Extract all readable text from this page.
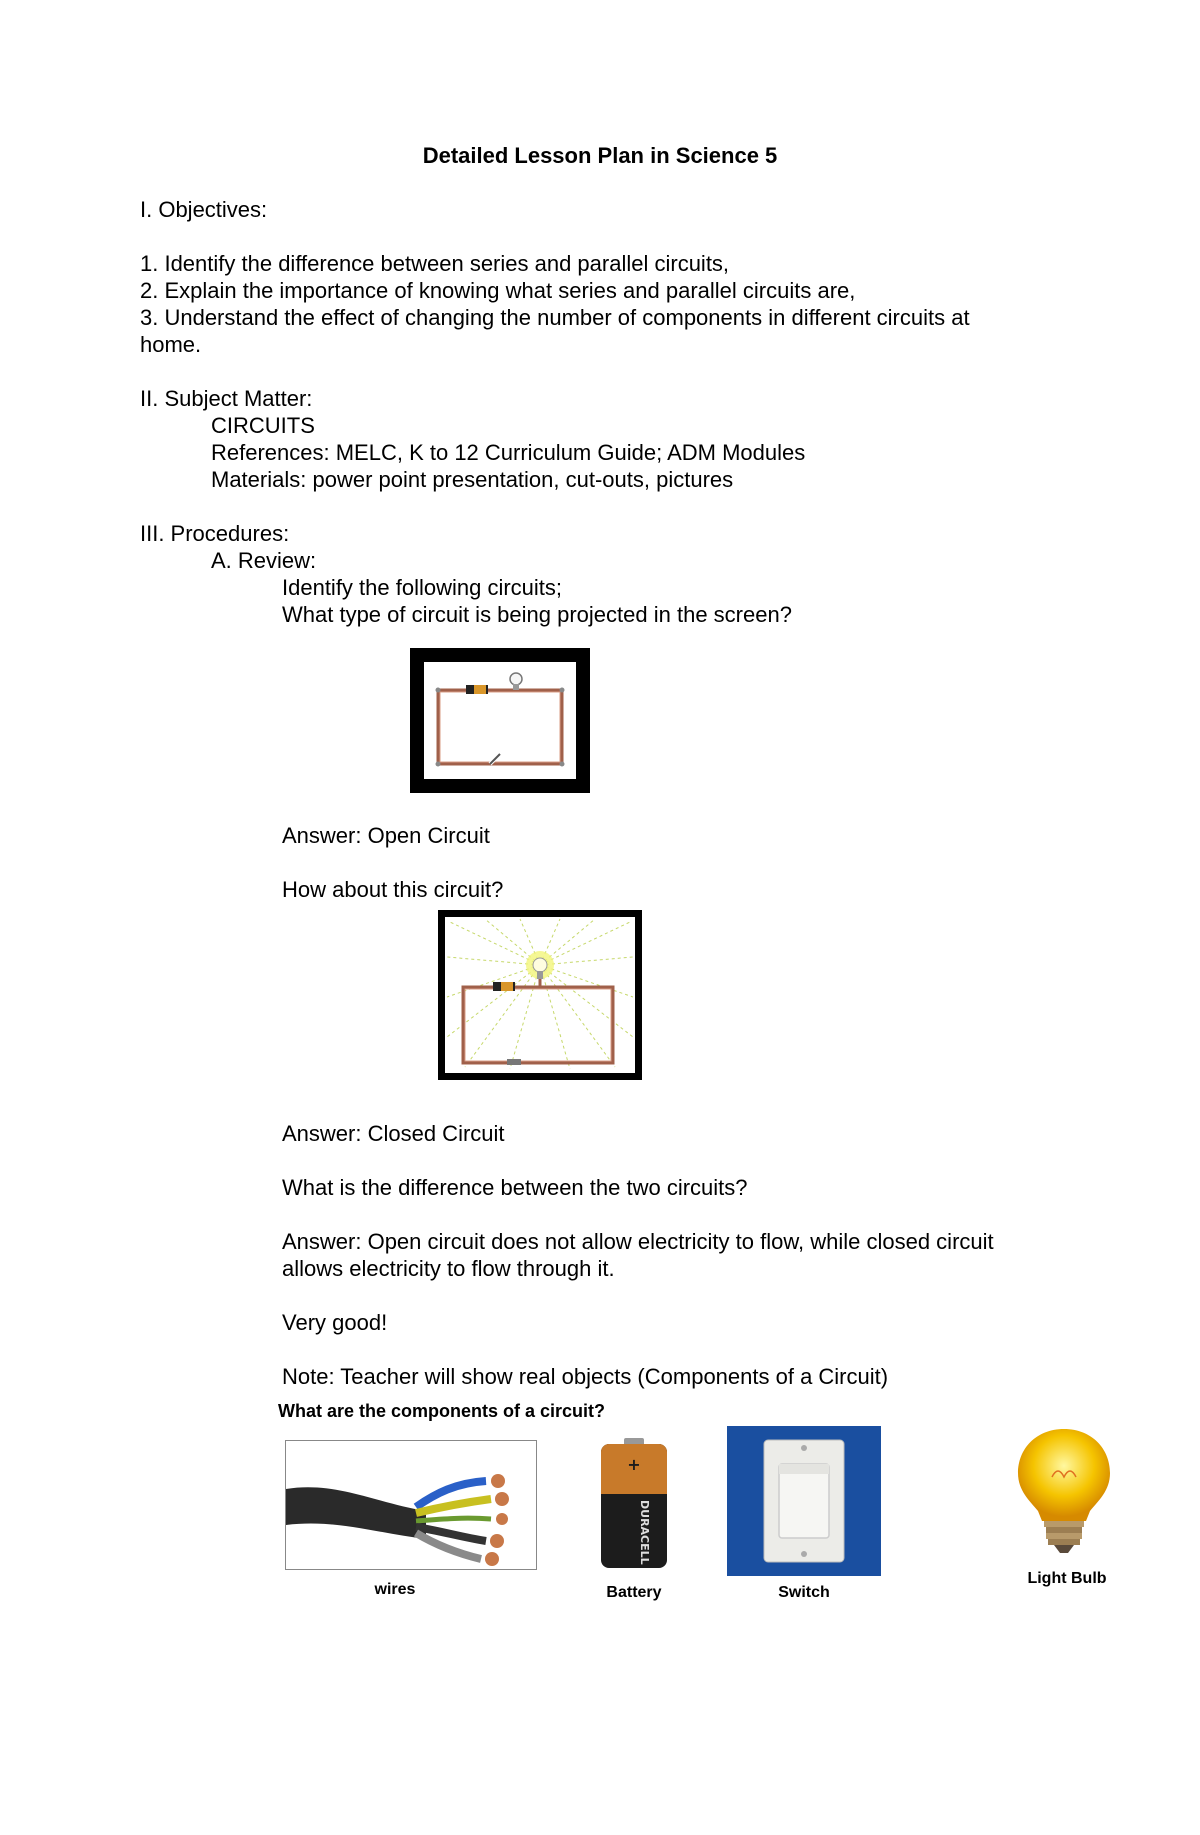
Detailed Lesson Plan in Science 5
I. Objectives:
1. Identify the difference between series and parallel circuits,
2. Explain the importance of knowing what series and parallel circuits are,
3. Understand the effect of changing the number of components in different circuits at
home.
II. Subject Matter:
CIRCUITS
References: MELC, K to 12 Curriculum Guide; ADM Modules
Materials: power point presentation, cut-outs, pictures
III. Procedures:
A. Review:
Identify the following circuits;
What type of circuit is being projected in the screen?
Answer: Open Circuit
How about this circuit?
Answer: Closed Circuit
What is the difference between the two circuits?
Answer: Open circuit does not allow electricity to flow, while closed circuit
allows electricity to flow through it.
Very good!
Note: Teacher will show real objects (Components of a Circuit)
What are the components of a circuit?
wires
+
DURACELL
Battery	Switch
Light Bulb
